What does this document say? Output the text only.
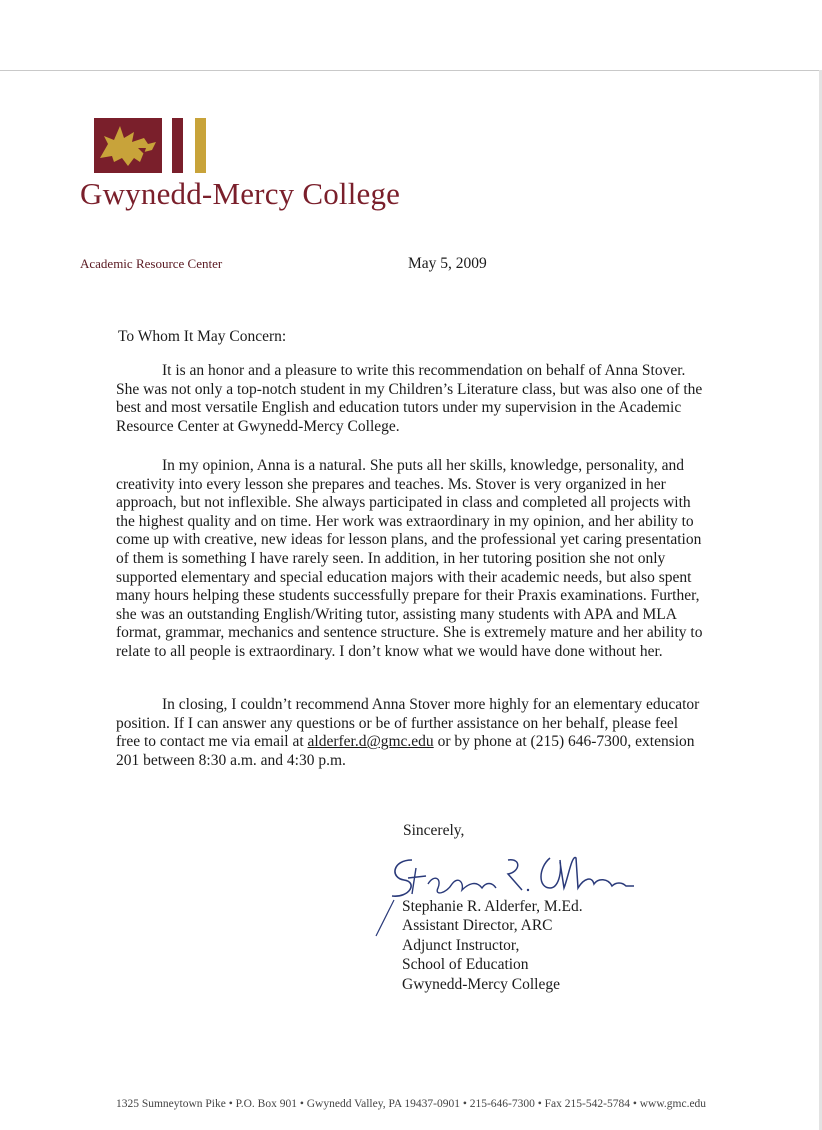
Gwynedd-Mercy College
Academic Resource Center	May 5, 2009
To Whom It May Concern:

It is an honor and a pleasure to write this recommendation on behalf of Anna Stover. She was not only a top-notch student in my Children’s Literature class, but was also one of the best and most versatile English and education tutors under my supervision in the Academic Resource Center at Gwynedd-Mercy College.

In my opinion, Anna is a natural. She puts all her skills, knowledge, personality, and creativity into every lesson she prepares and teaches. Ms. Stover is very organized in her approach, but not inflexible. She always participated in class and completed all projects with the highest quality and on time. Her work was extraordinary in my opinion, and her ability to come up with creative, new ideas for lesson plans, and the professional yet caring presentation of them is something I have rarely seen. In addition, in her tutoring position she not only supported elementary and special education majors with their academic needs, but also spent many hours helping these students successfully prepare for their Praxis examinations. Further, she was an outstanding English/Writing tutor, assisting many students with APA and MLA format, grammar, mechanics and sentence structure. She is extremely mature and her ability to relate to all people is extraordinary. I don’t know what we would have done without her.

In closing, I couldn’t recommend Anna Stover more highly for an elementary educator position. If I can answer any questions or be of further assistance on her behalf, please feel free to contact me via email at alderfer.d@gmc.edu or by phone at (215) 646-7300, extension 201 between 8:30 a.m. and 4:30 p.m.

Sincerely,
Stephanie R. Alderfer, M.Ed.
Assistant Director, ARC
Adjunct Instructor,
School of Education
Gwynedd-Mercy College
1325 Sumneytown Pike • P.O. Box 901 • Gwynedd Valley, PA 19437-0901 • 215-646-7300 • Fax 215-542-5784 • www.gmc.edu
